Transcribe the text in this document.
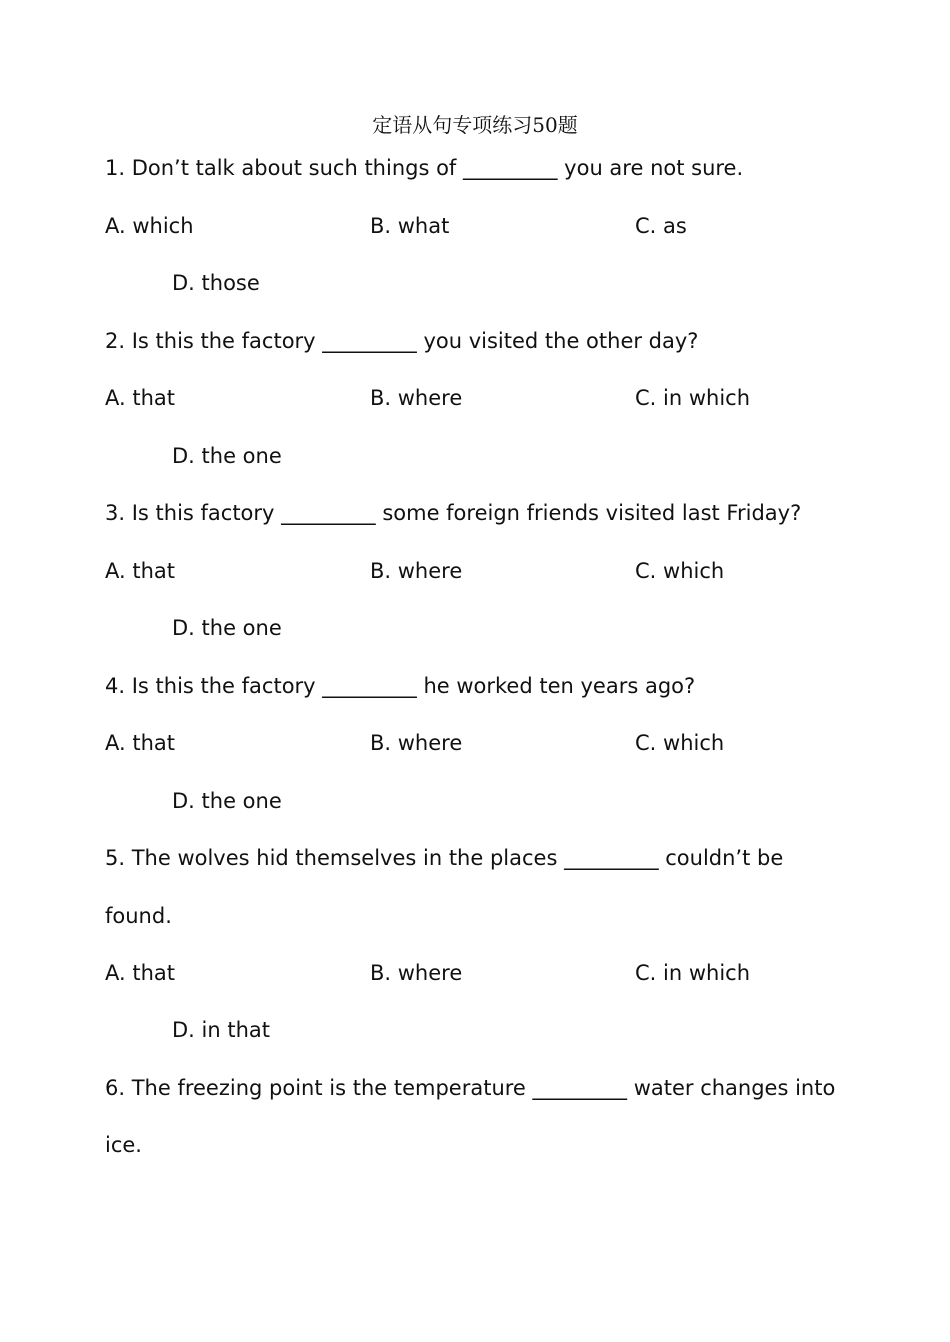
定语从句专项练习50题
1. Don’t talk about such things of _________ you are not sure.
A. which	B. what	C. as
D. those
2. Is this the factory _________ you visited the other day?
A. that	B. where	C. in which
D. the one
3. Is this factory _________ some foreign friends visited last Friday?
A. that	B. where	C. which
D. the one
4. Is this the factory _________ he worked ten years ago?
A. that	B. where	C. which
D. the one
5. The wolves hid themselves in the places _________ couldn’t be
found.
A. that	B. where	C. in which
D. in that
6. The freezing point is the temperature _________ water changes into
ice.
